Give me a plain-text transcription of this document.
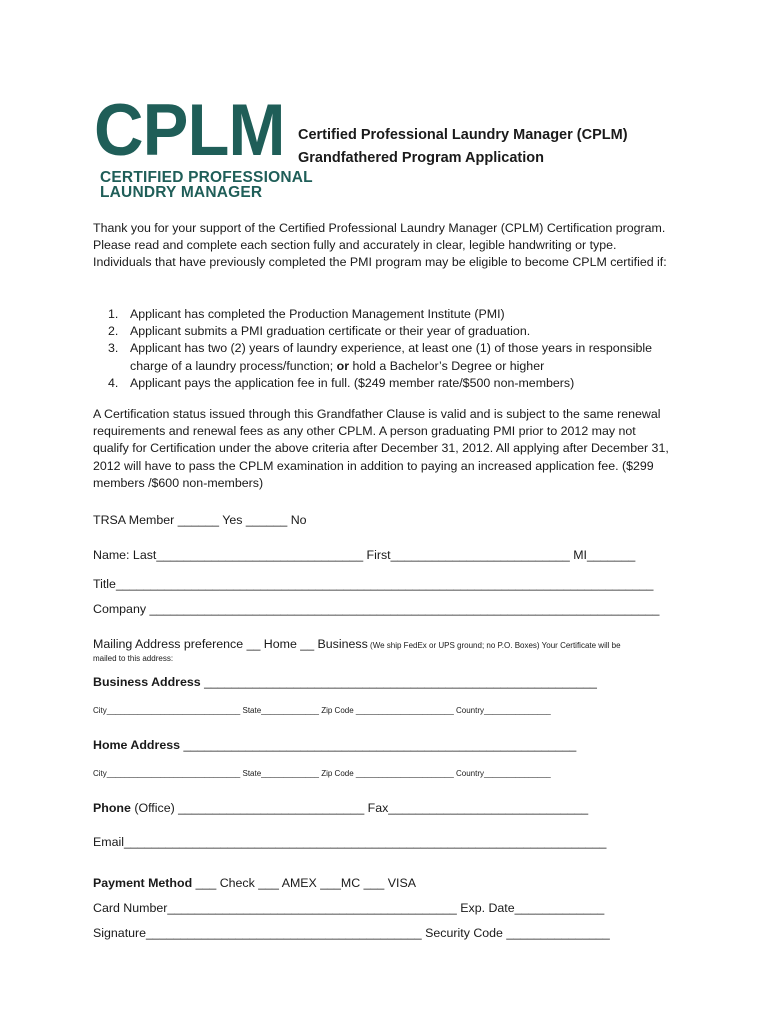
CPLM
CERTIFIED PROFESSIONAL
LAUNDRY MANAGER
Certified Professional Laundry Manager (CPLM)
Grandfathered Program Application
Thank you for your support of the Certified Professional Laundry Manager (CPLM) Certification program. Please read and complete each section fully and accurately in clear, legible handwriting or type. Individuals that have previously completed the PMI program may be eligible to become CPLM certified if:
1. Applicant has completed the Production Management Institute (PMI)
2. Applicant submits a PMI graduation certificate or their year of graduation.
3. Applicant has two (2) years of laundry experience, at least one (1) of those years in responsible charge of a laundry process/function; or hold a Bachelor’s Degree or higher
4. Applicant pays the application fee in full. ($249 member rate/$500 non-members)
A Certification status issued through this Grandfather Clause is valid and is subject to the same renewal requirements and renewal fees as any other CPLM. A person graduating PMI prior to 2012 may not qualify for Certification under the above criteria after December 31, 2012. All applying after December 31, 2012 will have to pass the CPLM examination in addition to paying an increased application fee. ($299 members /$600 non-members)
TRSA Member ______ Yes ______ No
Name: Last______________________________ First__________________________ MI_______
Title______________________________________________________________________________
Company __________________________________________________________________________
Mailing Address preference __ Home __ Business (We ship FedEx or UPS ground; no P.O. Boxes) Your Certificate will be
mailed to this address:
Business Address _________________________________________________________
City______________________________ State_____________ Zip Code ______________________ Country_______________
Home Address _________________________________________________________
City______________________________ State_____________ Zip Code ______________________ Country_______________
Phone (Office) ___________________________ Fax_____________________________
Email______________________________________________________________________
Payment Method ___ Check ___ AMEX ___MC ___ VISA
Card Number__________________________________________ Exp. Date_____________
Signature________________________________________ Security Code _______________
